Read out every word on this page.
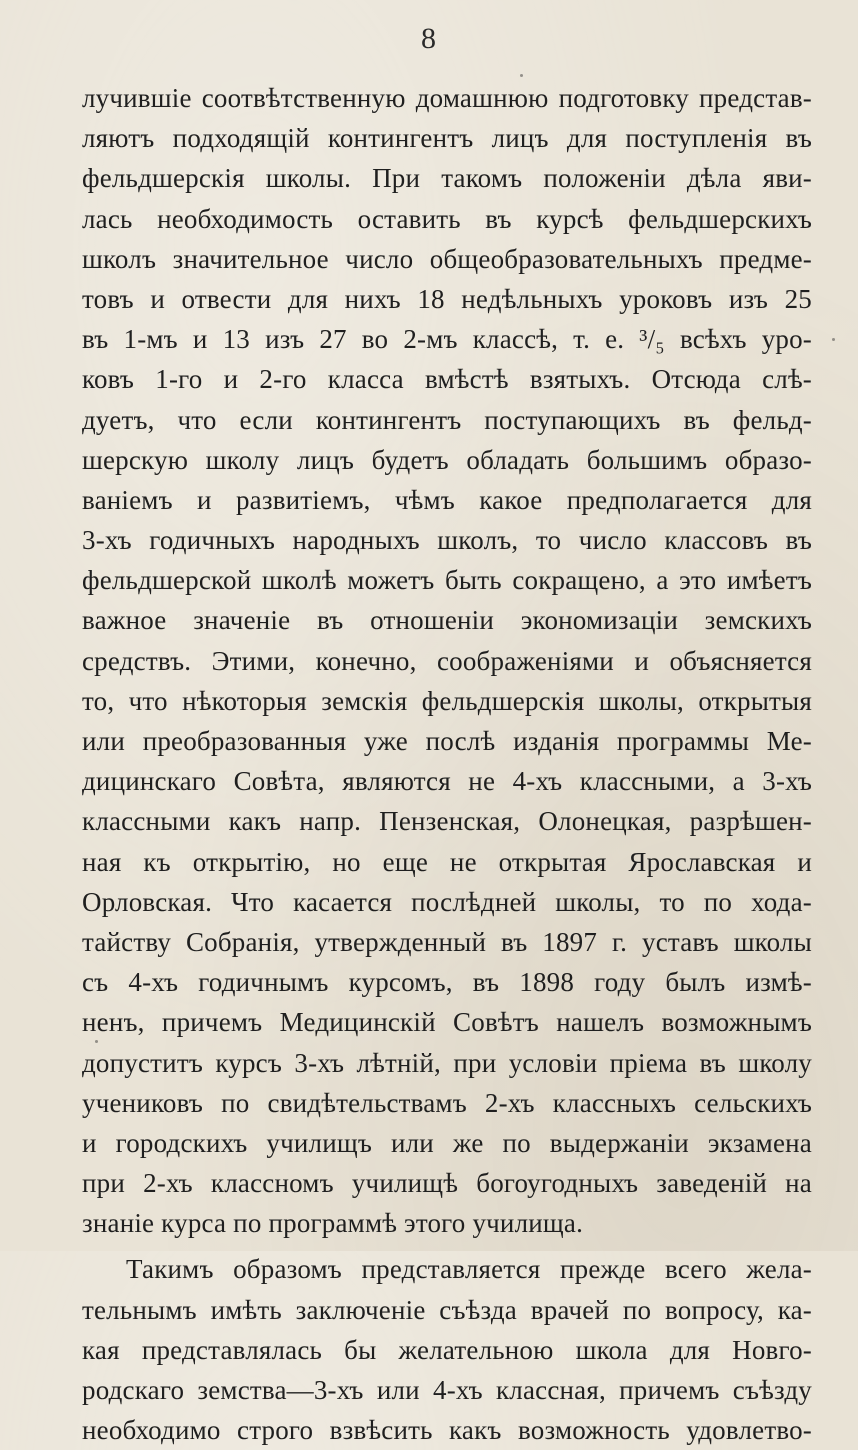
8
лучившіе соотвѣтственную домашнюю подготовку представ-
ляютъ подходящій контингентъ лицъ для поступленія въ
фельдшерскія школы. При такомъ положеніи дѣла яви-
лась необходимость оставить въ курсѣ фельдшерскихъ
школъ значительное число общеобразовательныхъ предме-
товъ и отвести для нихъ 18 недѣльныхъ уроковъ изъ 25
въ 1-мъ и 13 изъ 27 во 2-мъ классѣ, т. е. ³/₅ всѣхъ уро-
ковъ 1-го и 2-го класса вмѣстѣ взятыхъ. Отсюда слѣ-
дуетъ, что если контингентъ поступающихъ въ фельд-
шерскую школу лицъ будетъ обладать большимъ образо-
ваніемъ и развитіемъ, чѣмъ какое предполагается для
3-хъ годичныхъ народныхъ школъ, то число классовъ въ
фельдшерской школѣ можетъ быть сокращено, а это имѣетъ
важное значеніе въ отношеніи экономизаціи земскихъ
средствъ. Этими, конечно, соображеніями и объясняется
то, что нѣкоторыя земскія фельдшерскія школы, открытыя
или преобразованныя уже послѣ изданія программы Ме-
дицинскаго Совѣта, являются не 4-хъ классными, а 3-хъ
классными какъ напр. Пензенская, Олонецкая, разрѣшен-
ная къ открытію, но еще не открытая Ярославская и
Орловская. Что касается послѣдней школы, то по хода-
тайству Собранія, утвержденный въ 1897 г. уставъ школы
съ 4-хъ годичнымъ курсомъ, въ 1898 году былъ измѣ-
ненъ, причемъ Медицинскій Совѣтъ нашелъ возможнымъ
допуститъ курсъ 3-хъ лѣтній, при условіи пріема въ школу
учениковъ по свидѣтельствамъ 2-хъ классныхъ сельскихъ
и городскихъ училищъ или же по выдержаніи экзамена
при 2-хъ классномъ училищѣ богоугодныхъ заведеній на
знаніе курса по программѣ этого училища.
Такимъ образомъ представляется прежде всего жела-
тельнымъ имѣть заключеніе съѣзда врачей по вопросу, ка-
кая представлялась бы желательною школа для Новго-
родскаго земства—3-хъ или 4-хъ классная, причемъ съѣзду
необходимо строго взвѣсить какъ возможность удовлетво-
